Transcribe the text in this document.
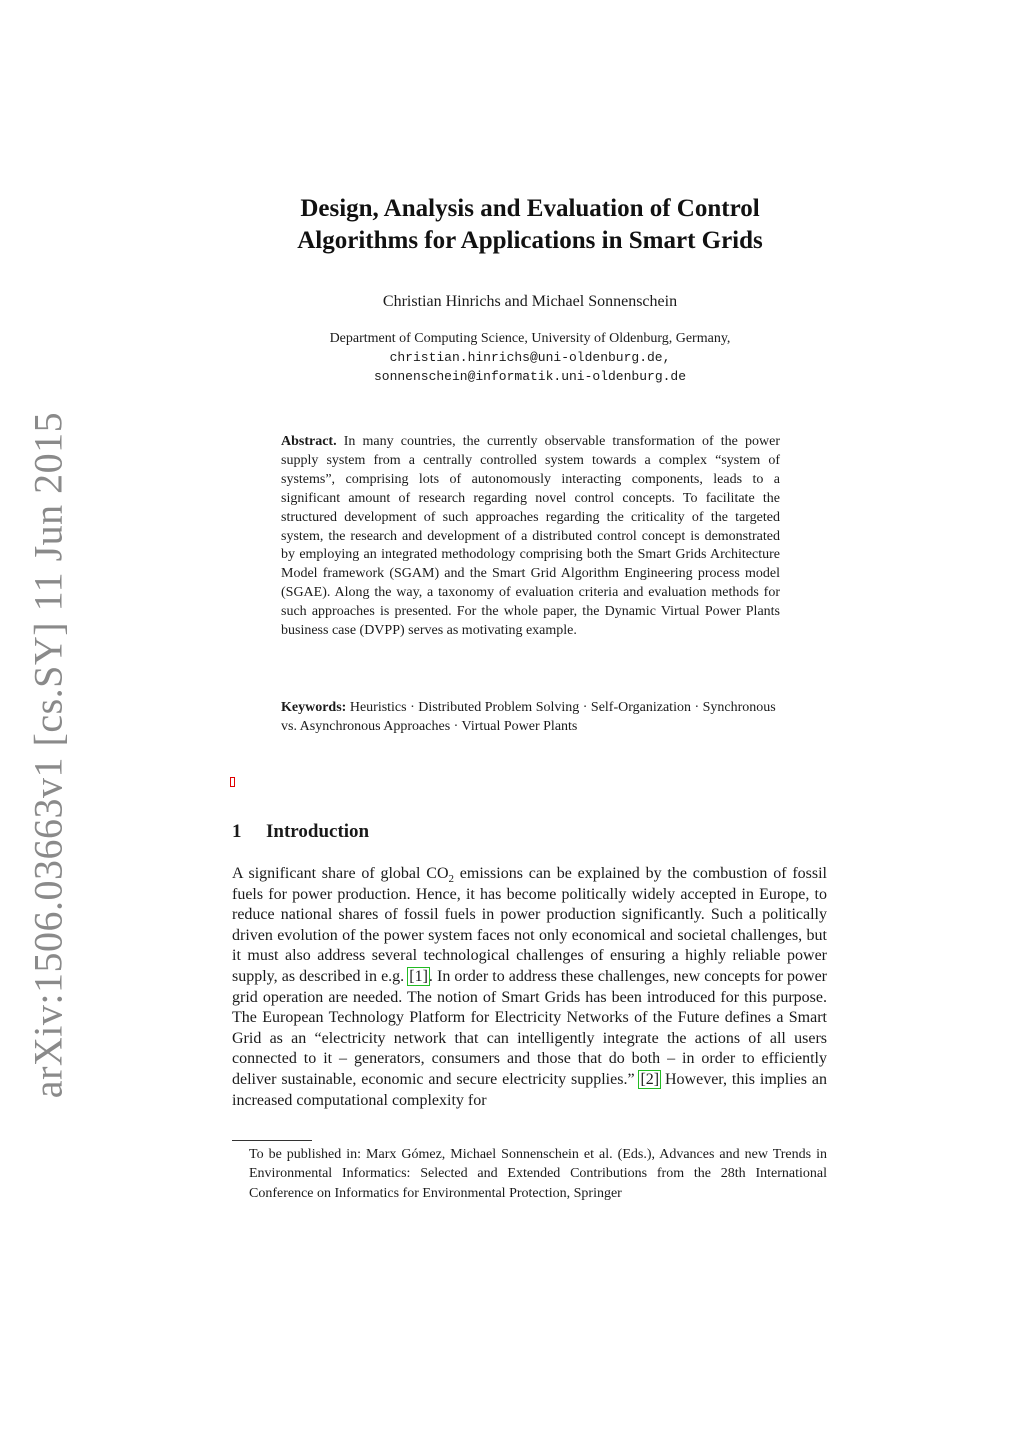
arXiv:1506.03663v1 [cs.SY] 11 Jun 2015
Design, Analysis and Evaluation of Control
Algorithms for Applications in Smart Grids
Christian Hinrichs and Michael Sonnenschein
Department of Computing Science, University of Oldenburg, Germany,
christian.hinrichs@uni-oldenburg.de,
sonnenschein@informatik.uni-oldenburg.de
Abstract. In many countries, the currently observable transformation of the power supply system from a centrally controlled system towards a complex “system of systems”, comprising lots of autonomously interacting components, leads to a significant amount of research regarding novel control concepts. To facilitate the structured development of such approaches regarding the criticality of the targeted system, the research and development of a distributed control concept is demonstrated by employing an integrated methodology comprising both the Smart Grids Architecture Model framework (SGAM) and the Smart Grid Algorithm Engineering process model (SGAE). Along the way, a taxonomy of evaluation criteria and evaluation methods for such approaches is presented. For the whole paper, the Dynamic Virtual Power Plants business case (DVPP) serves as motivating example.
Keywords: Heuristics · Distributed Problem Solving · Self-Organization · Synchronous vs. Asynchronous Approaches · Virtual Power Plants
1 Introduction
A significant share of global $CO_2$ emissions can be explained by the combustion of fossil fuels for power production. Hence, it has become politically widely accepted in Europe, to reduce national shares of fossil fuels in power production significantly. Such a politically driven evolution of the power system faces not only economical and societal challenges, but it must also address several technological challenges of ensuring a highly reliable power supply, as described in e.g. [1]. In order to address these challenges, new concepts for power grid operation are needed. The notion of Smart Grids has been introduced for this purpose. The European Technology Platform for Electricity Networks of the Future defines a Smart Grid as an “electricity network that can intelligently integrate the actions of all users connected to it – generators, consumers and those that do both – in order to efficiently deliver sustainable, economic and secure electricity supplies.” [2] However, this implies an increased computational complexity for
To be published in: Marx Gómez, Michael Sonnenschein et al. (Eds.), Advances and new Trends in Environmental Informatics: Selected and Extended Contributions from the 28th International Conference on Informatics for Environmental Protection, Springer
